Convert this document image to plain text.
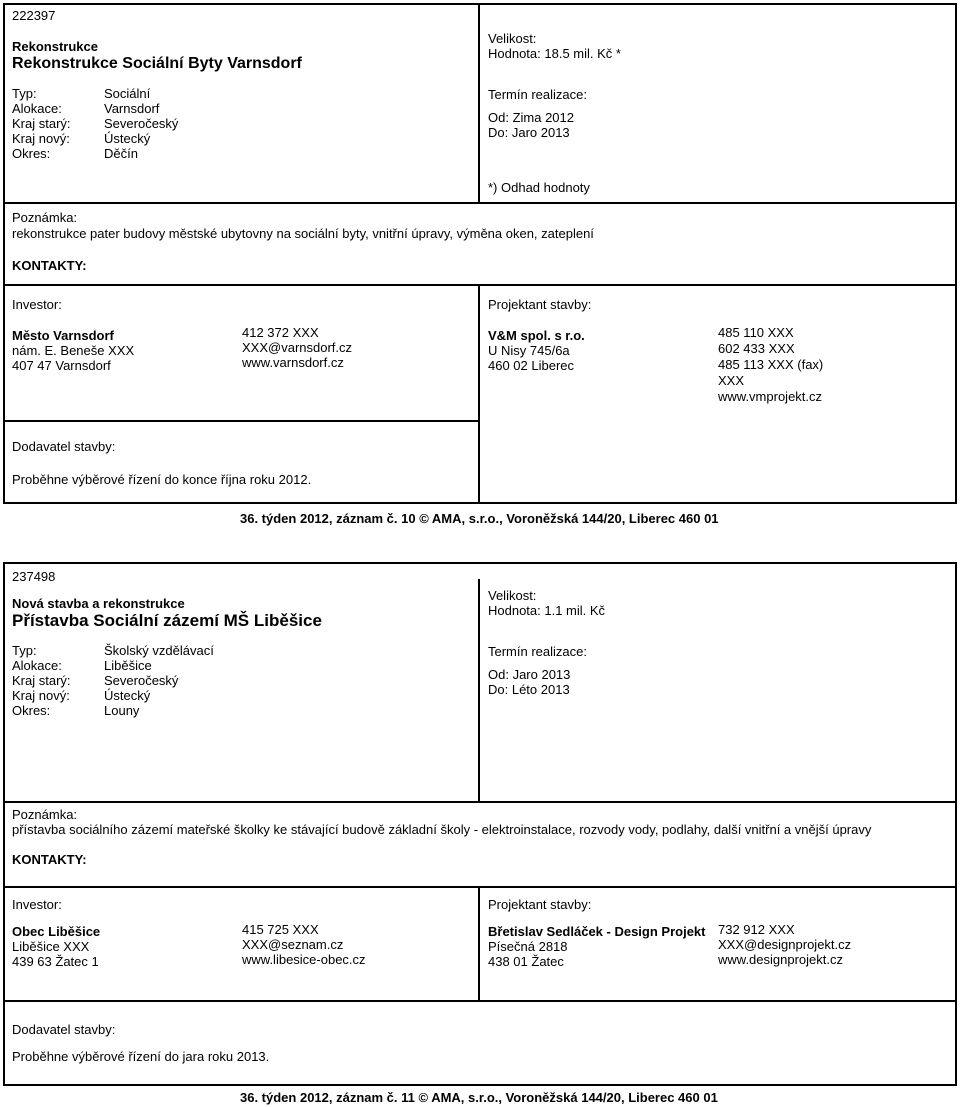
222397
Rekonstrukce
Rekonstrukce Sociální Byty Varnsdorf
Typ:
Alokace:
Kraj starý:
Kraj nový:
Okres:
Sociální
Varnsdorf
Severočeský
Ústecký
Děčín
Velikost:
Hodnota: 18.5 mil. Kč *
Termín realizace:
Od: Zima 2012
Do: Jaro 2013
*) Odhad hodnoty
Poznámka:
rekonstrukce pater budovy městské ubytovny na sociální byty, vnitřní úpravy, výměna oken, zateplení
KONTAKTY:
Investor:
Město Varnsdorf
nám. E. Beneše XXX
407 47 Varnsdorf
412 372 XXX
XXX@varnsdorf.cz
www.varnsdorf.cz
Projektant stavby:
V&M spol. s r.o.
U Nisy 745/6a
460 02 Liberec
485 110 XXX
602 433 XXX
485 113 XXX (fax)
XXX
www.vmprojekt.cz
Dodavatel stavby:
Proběhne výběrové řízení do konce října roku 2012.
36. týden 2012, záznam č. 10 © AMA, s.r.o., Voroněžská 144/20, Liberec 460 01
237498
Nová stavba a rekonstrukce
Přístavba Sociální zázemí MŠ Liběšice
Typ:
Alokace:
Kraj starý:
Kraj nový:
Okres:
Školský vzdělávací
Liběšice
Severočeský
Ústecký
Louny
Velikost:
Hodnota: 1.1 mil. Kč
Termín realizace:
Od: Jaro 2013
Do: Léto 2013
Poznámka:
přístavba sociálního zázemí mateřské školky ke stávající budově základní školy - elektroinstalace, rozvody vody, podlahy, další vnitřní a vnější úpravy
KONTAKTY:
Investor:
Obec Liběšice
Liběšice XXX
439 63 Žatec 1
415 725 XXX
XXX@seznam.cz
www.libesice-obec.cz
Projektant stavby:
Břetislav Sedláček - Design Projekt
Písečná 2818
438 01 Žatec
732 912 XXX
XXX@designprojekt.cz
www.designprojekt.cz
Dodavatel stavby:
Proběhne výběrové řízení do jara roku 2013.
36. týden 2012, záznam č. 11 © AMA, s.r.o., Voroněžská 144/20, Liberec 460 01
